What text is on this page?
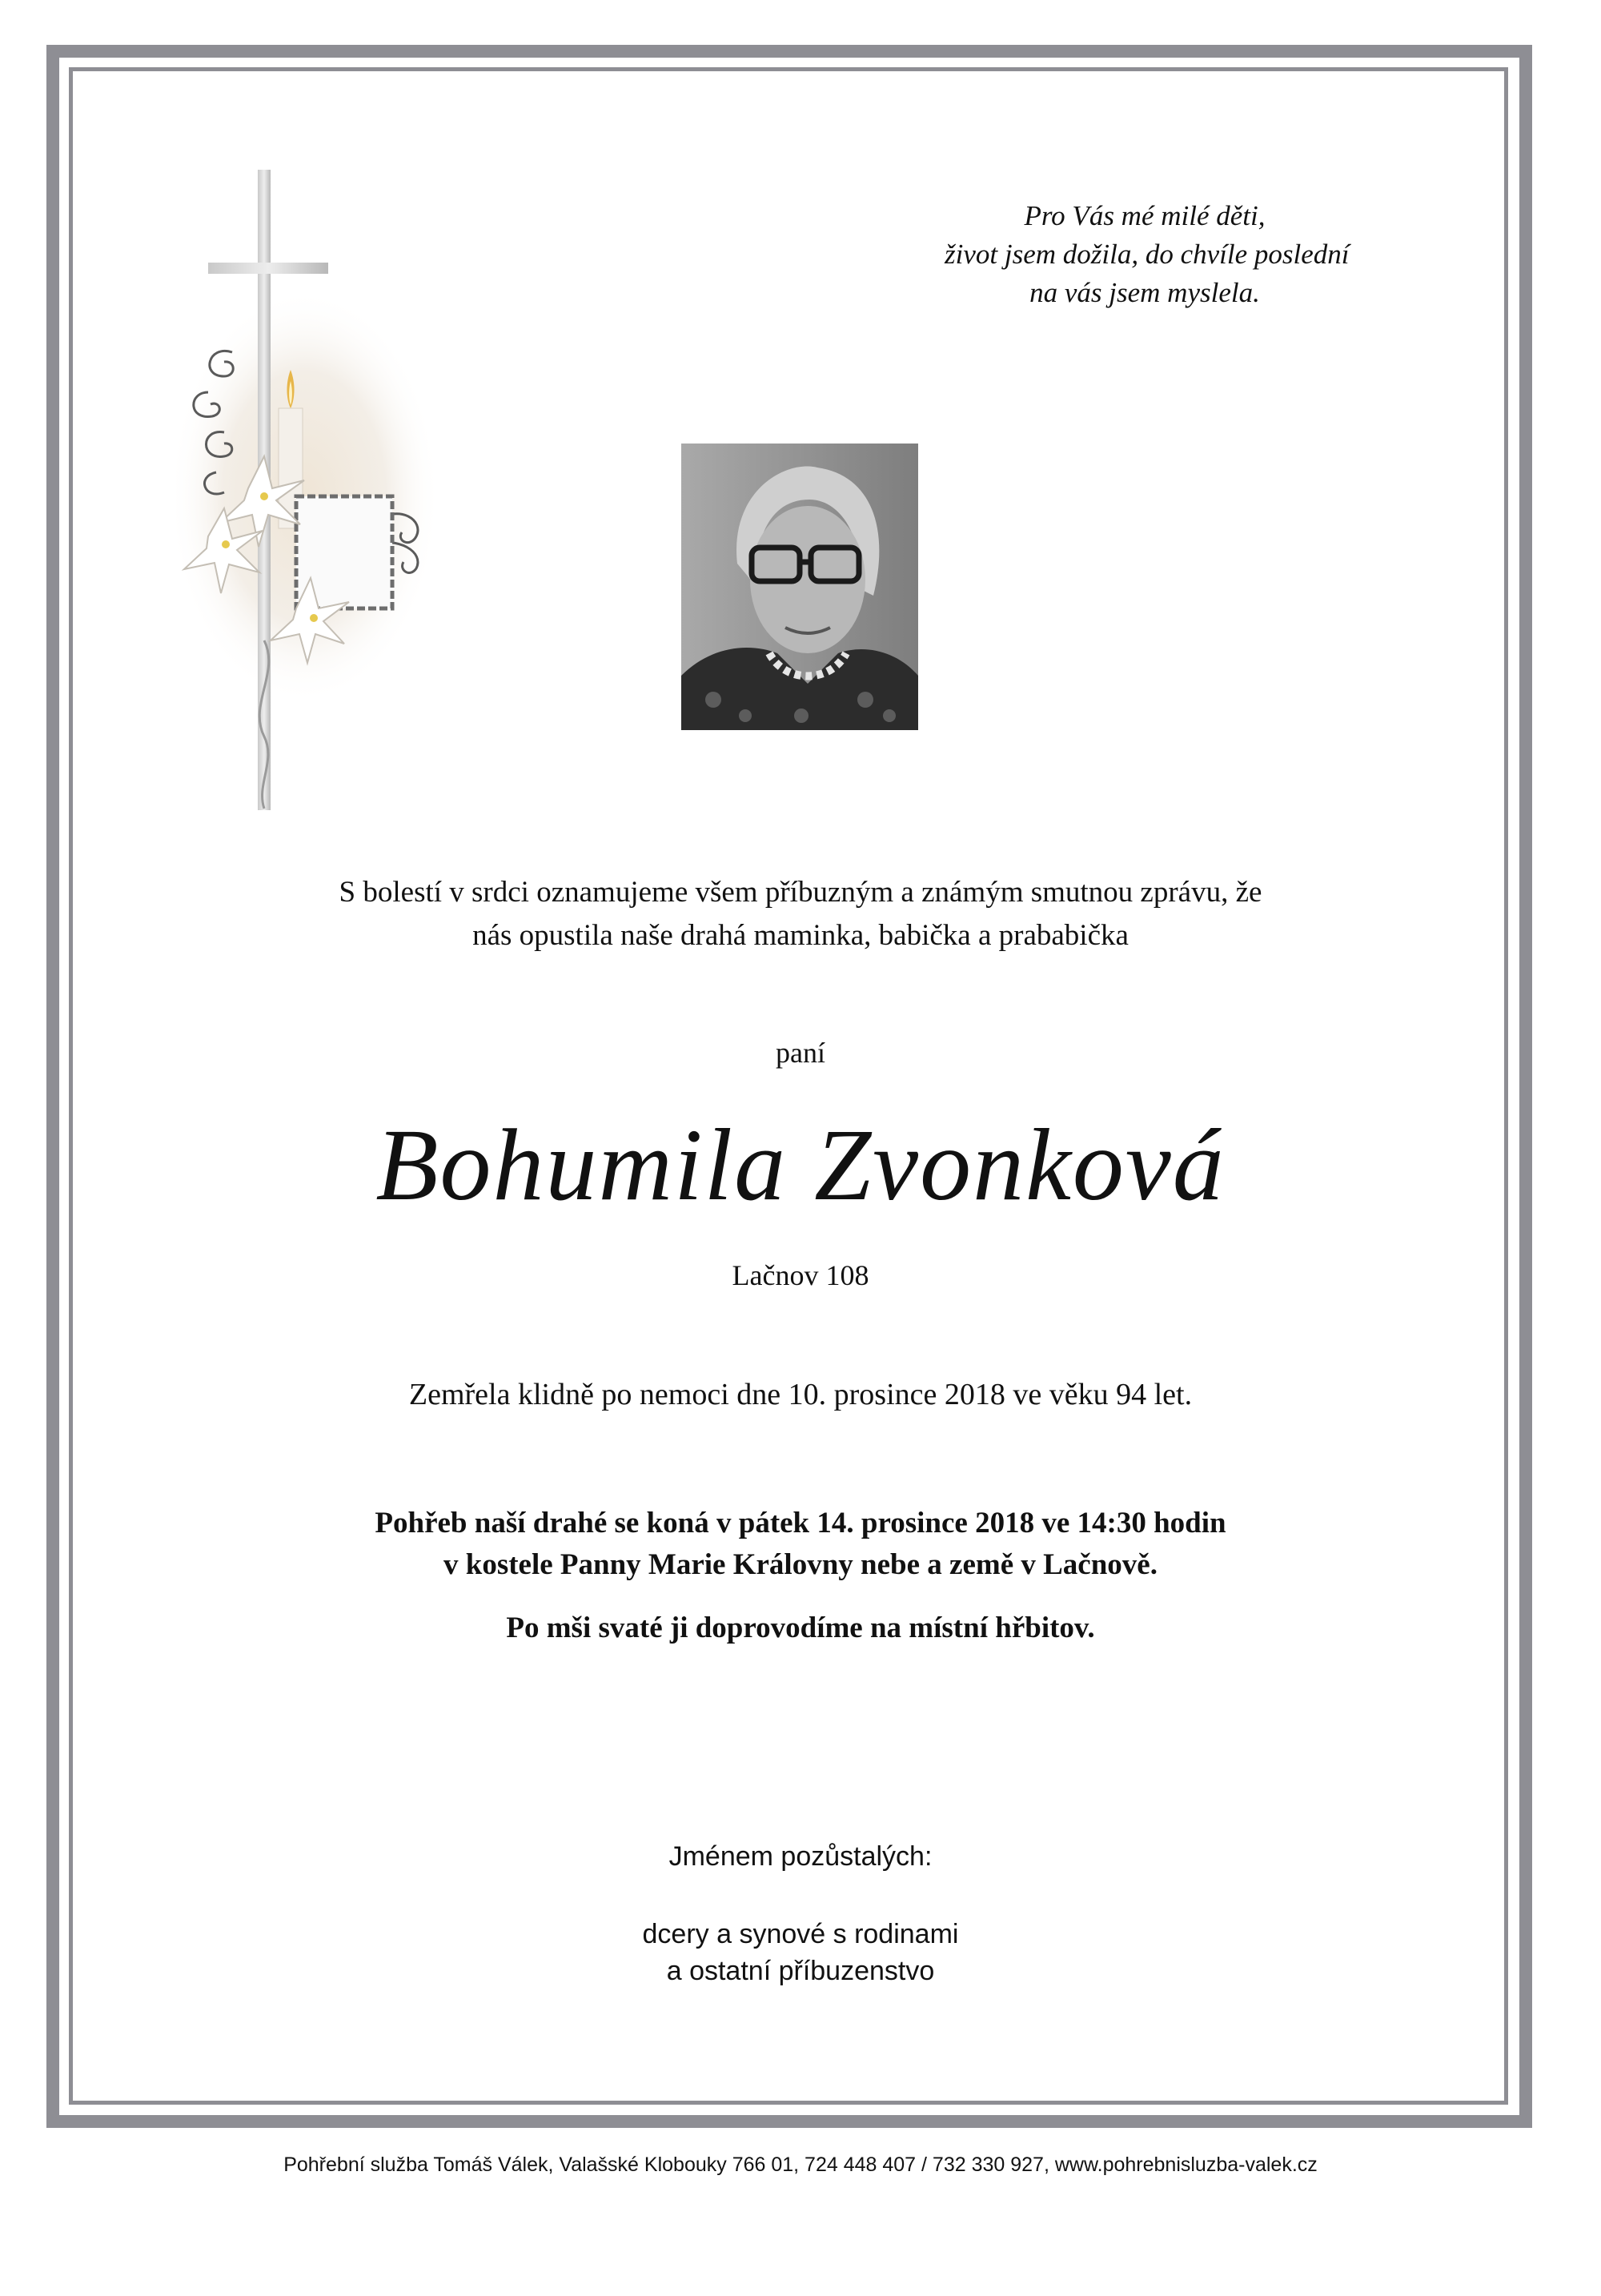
Pro Vás mé milé děti,
život jsem dožila, do chvíle poslední
na vás jsem myslela.
S bolestí v srdci oznamujeme všem příbuzným a známým smutnou zprávu, že
nás opustila naše drahá maminka, babička a prababička
paní
Bohumila Zvonková
Lačnov 108
Zemřela klidně po nemoci dne 10. prosince 2018 ve věku 94 let.
Pohřeb naší drahé se koná v pátek 14. prosince 2018 ve 14:30 hodin
v kostele Panny Marie Královny nebe a země v Lačnově.
Po mši svaté ji doprovodíme na místní hřbitov.
Jménem pozůstalých:
dcery a synové s rodinami
a ostatní příbuzenstvo
Pohřební služba Tomáš Válek, Valašské Klobouky 766 01, 724 448 407 / 732 330 927, www.pohrebnisluzba-valek.cz
